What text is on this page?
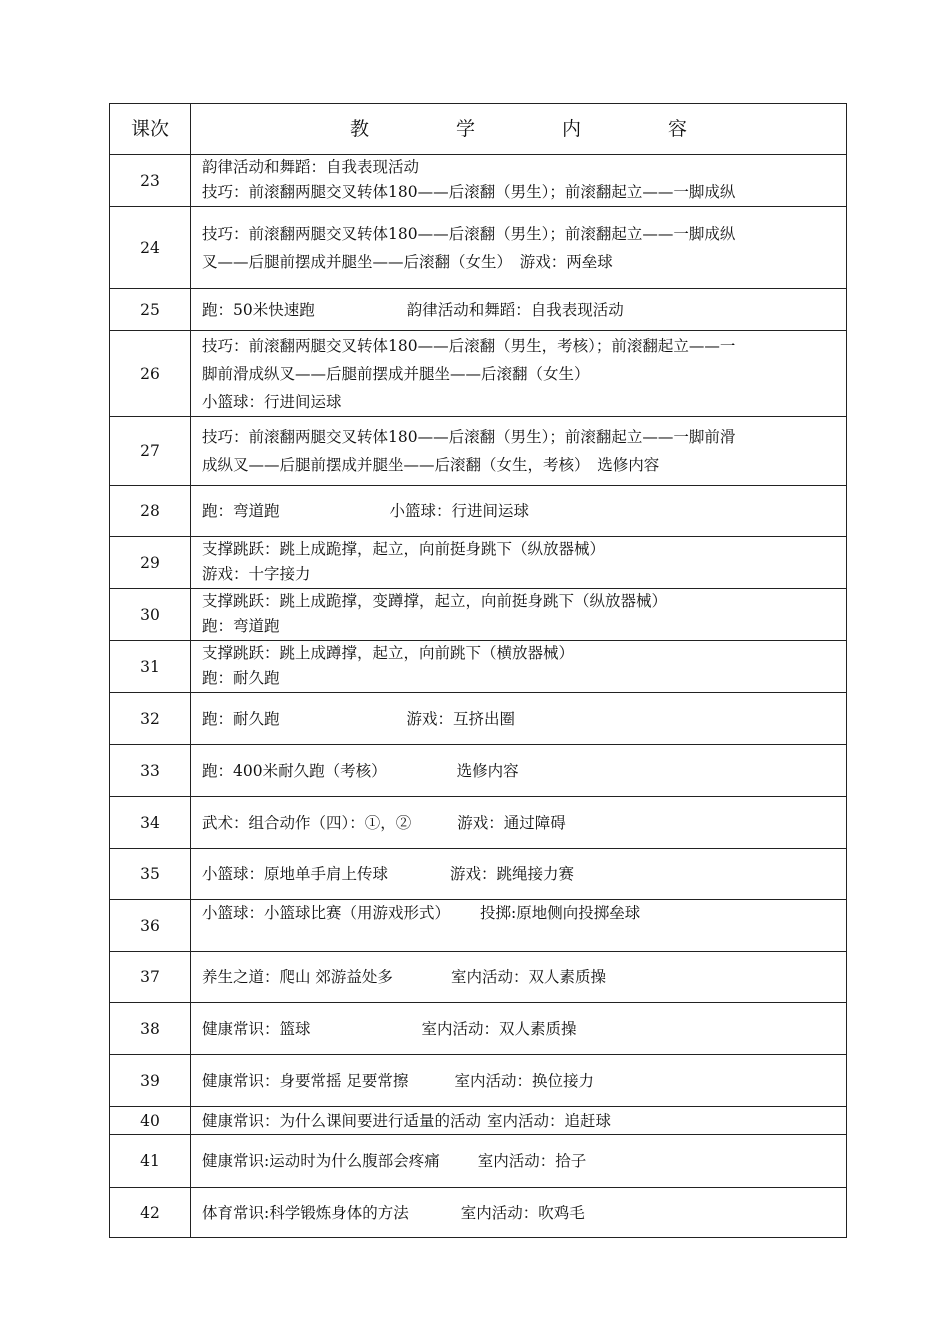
课次	教　学　内　容
23	韵律活动和舞蹈：自我表现活动
技巧：前滚翻两腿交叉转体180——后滚翻（男生）；前滚翻起立——一脚成纵

24	技巧：前滚翻两腿交叉转体180——后滚翻（男生）；前滚翻起立——一脚成纵
叉——后腿前摆成并腿坐——后滚翻（女生）　游戏：两垒球

25	跑：50米快速跑 韵律活动和舞蹈：自我表现活动

26	技巧：前滚翻两腿交叉转体180——后滚翻（男生，考核）；前滚翻起立——一
脚前滑成纵叉——后腿前摆成并腿坐——后滚翻（女生）
小篮球：行进间运球

27	技巧：前滚翻两腿交叉转体180——后滚翻（男生）；前滚翻起立——一脚前滑
成纵叉——后腿前摆成并腿坐——后滚翻（女生，考核）　选修内容

28	跑：弯道跑 小篮球：行进间运球

29	支撑跳跃：跳上成跪撑，起立，向前挺身跳下（纵放器械）
游戏：十字接力

30	支撑跳跃：跳上成跪撑，变蹲撑，起立，向前挺身跳下（纵放器械）
跑：弯道跑

31	支撑跳跃：跳上成蹲撑，起立，向前跳下（横放器械）
跑：耐久跑

32	跑：耐久跑 游戏：互挤出圈

33	跑：400米耐久跑（考核） 选修内容

34	武术：组合动作（四）：①，② 游戏：通过障碍

35	小篮球：原地单手肩上传球 游戏：跳绳接力赛

36	小篮球：小篮球比赛（用游戏形式） 投掷:原地侧向投掷垒球

37	养生之道：爬山 郊游益处多 室内活动：双人素质操

38	健康常识：篮球 室内活动：双人素质操

39	健康常识：身要常摇 足要常擦 室内活动：换位接力

40	健康常识：为什么课间要进行适量的活动 室内活动：追赶球

41	健康常识:运动时为什么腹部会疼痛 室内活动：拾子

42	体育常识:科学锻炼身体的方法 室内活动：吹鸡毛
